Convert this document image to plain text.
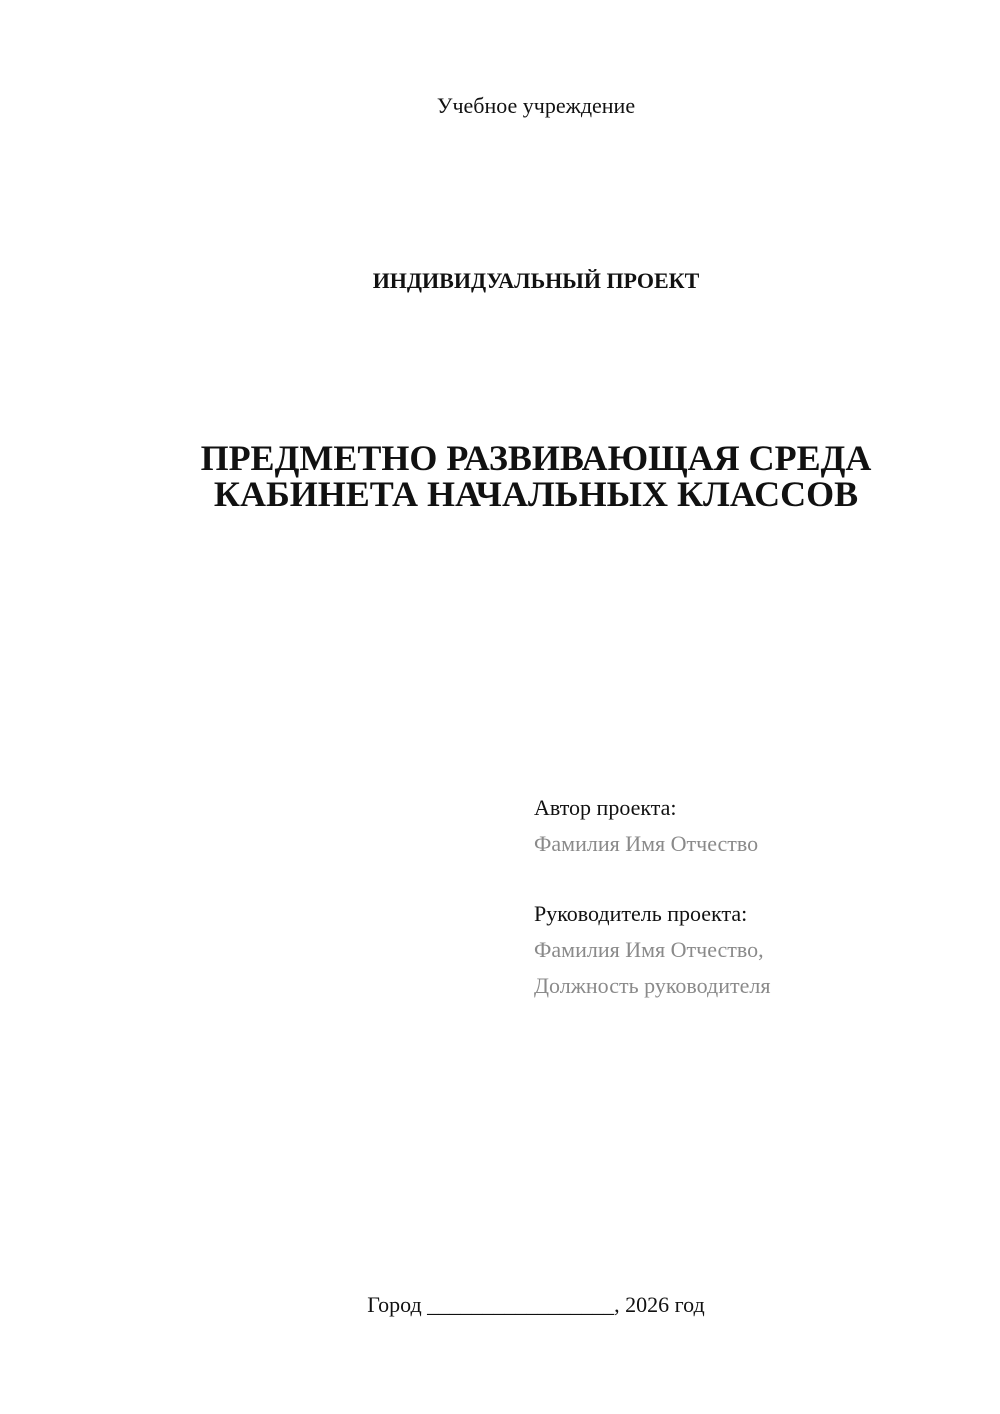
Учебное учреждение
ИНДИВИДУАЛЬНЫЙ ПРОЕКТ
ПРЕДМЕТНО РАЗВИВАЮЩАЯ СРЕДА
КАБИНЕТА НАЧАЛЬНЫХ КЛАССОВ
Автор проекта:
Фамилия Имя Отчество
Руководитель проекта:
Фамилия Имя Отчество,
Должность руководителя
Город _________________, 2026 год
